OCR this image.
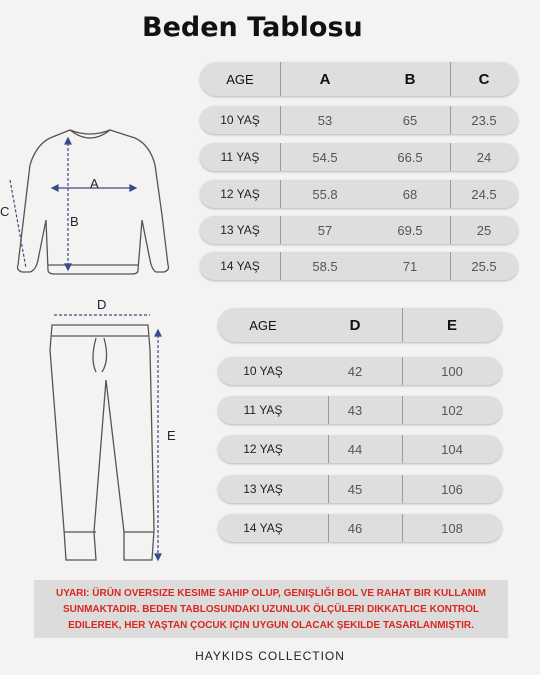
Beden Tablosu
A
B
C
D
E
AGE	A	B	C
10 YAŞ	53	65	23.5
11 YAŞ	54.5	66.5	24
12 YAŞ	55.8	68	24.5
13 YAŞ	57	69.5	25
14 YAŞ	58.5	71	25.5
AGE	D	E
10 YAŞ	42	100
11 YAŞ	43	102
12 YAŞ	44	104
13 YAŞ	45	106
14 YAŞ	46	108
UYARI: ÜRÜN OVERSIZE KESIME SAHIP OLUP, GENIŞLIĞI BOL VE RAHAT BIR KULLANIM SUNMAKTADIR. BEDEN TABLOSUNDAKI UZUNLUK ÖLÇÜLERI DIKKATLICE KONTROL EDILEREK, HER YAŞTAN ÇOCUK IÇIN UYGUN OLACAK ŞEKILDE TASARLANMIŞTIR.
HAYKIDS COLLECTION
